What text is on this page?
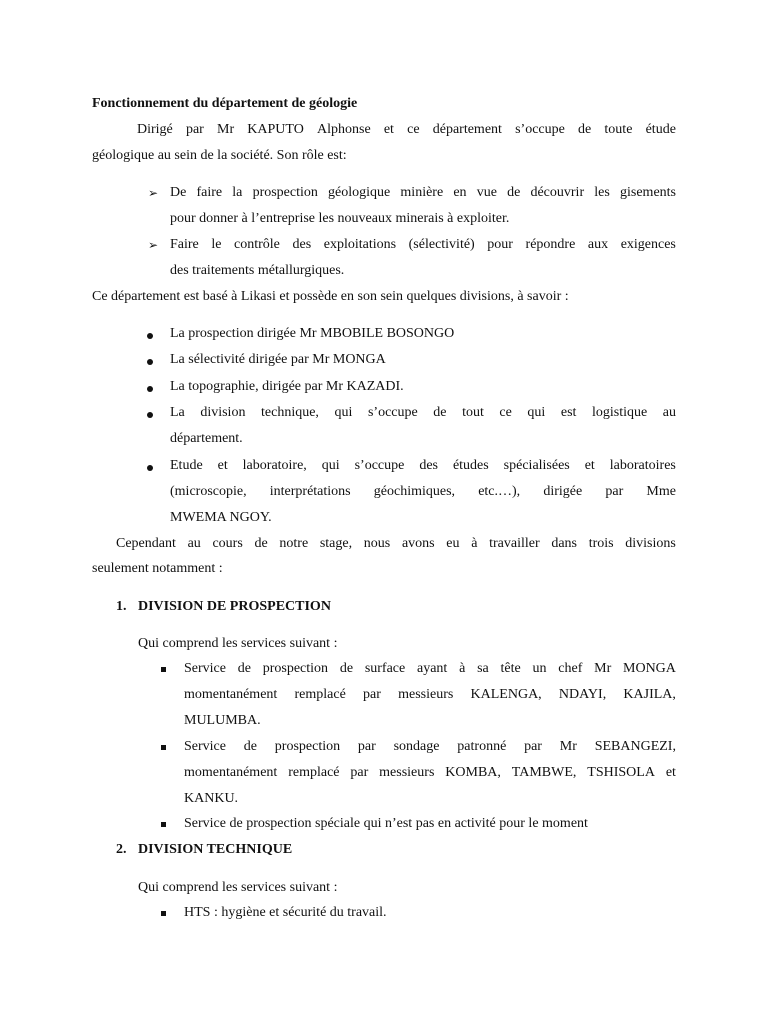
Fonctionnement du département de géologie

Dirigé par Mr KAPUTO Alphonse et ce département s’occupe de toute étude

géologique au sein de la société. Son rôle est:

➢ De faire la prospection géologique minière en vue de découvrir les gisements

pour donner à l’entreprise les nouveaux minerais à exploiter.

➢ Faire le contrôle des exploitations (sélectivité) pour répondre aux exigences

des traitements métallurgiques.

Ce département est basé à Likasi et possède en son sein quelques divisions, à savoir :

La prospection dirigée Mr MBOBILE BOSONGO

La sélectivité dirigée par Mr MONGA

La topographie, dirigée par Mr KAZADI.

La division technique, qui s’occupe de tout ce qui est logistique au

département.

Etude et laboratoire, qui s’occupe des études spécialisées et laboratoires
(microscopie, interprétations géochimiques, etc.…), dirigée par Mme

MWEMA NGOY.

Cependant au cours de notre stage, nous avons eu à travailler dans trois divisions

seulement notamment :

1. DIVISION DE PROSPECTION

Qui comprend les services suivant :

Service de prospection de surface ayant à sa tête un chef Mr MONGA
momentanément remplacé par messieurs KALENGA, NDAYI, KAJILA,

MULUMBA.

Service de prospection par sondage patronné par Mr SEBANGEZI,
momentanément remplacé par messieurs KOMBA, TAMBWE, TSHISOLA et

KANKU.

Service de prospection spéciale qui n’est pas en activité pour le moment

2. DIVISION TECHNIQUE

Qui comprend les services suivant :

HTS : hygiène et sécurité du travail.
